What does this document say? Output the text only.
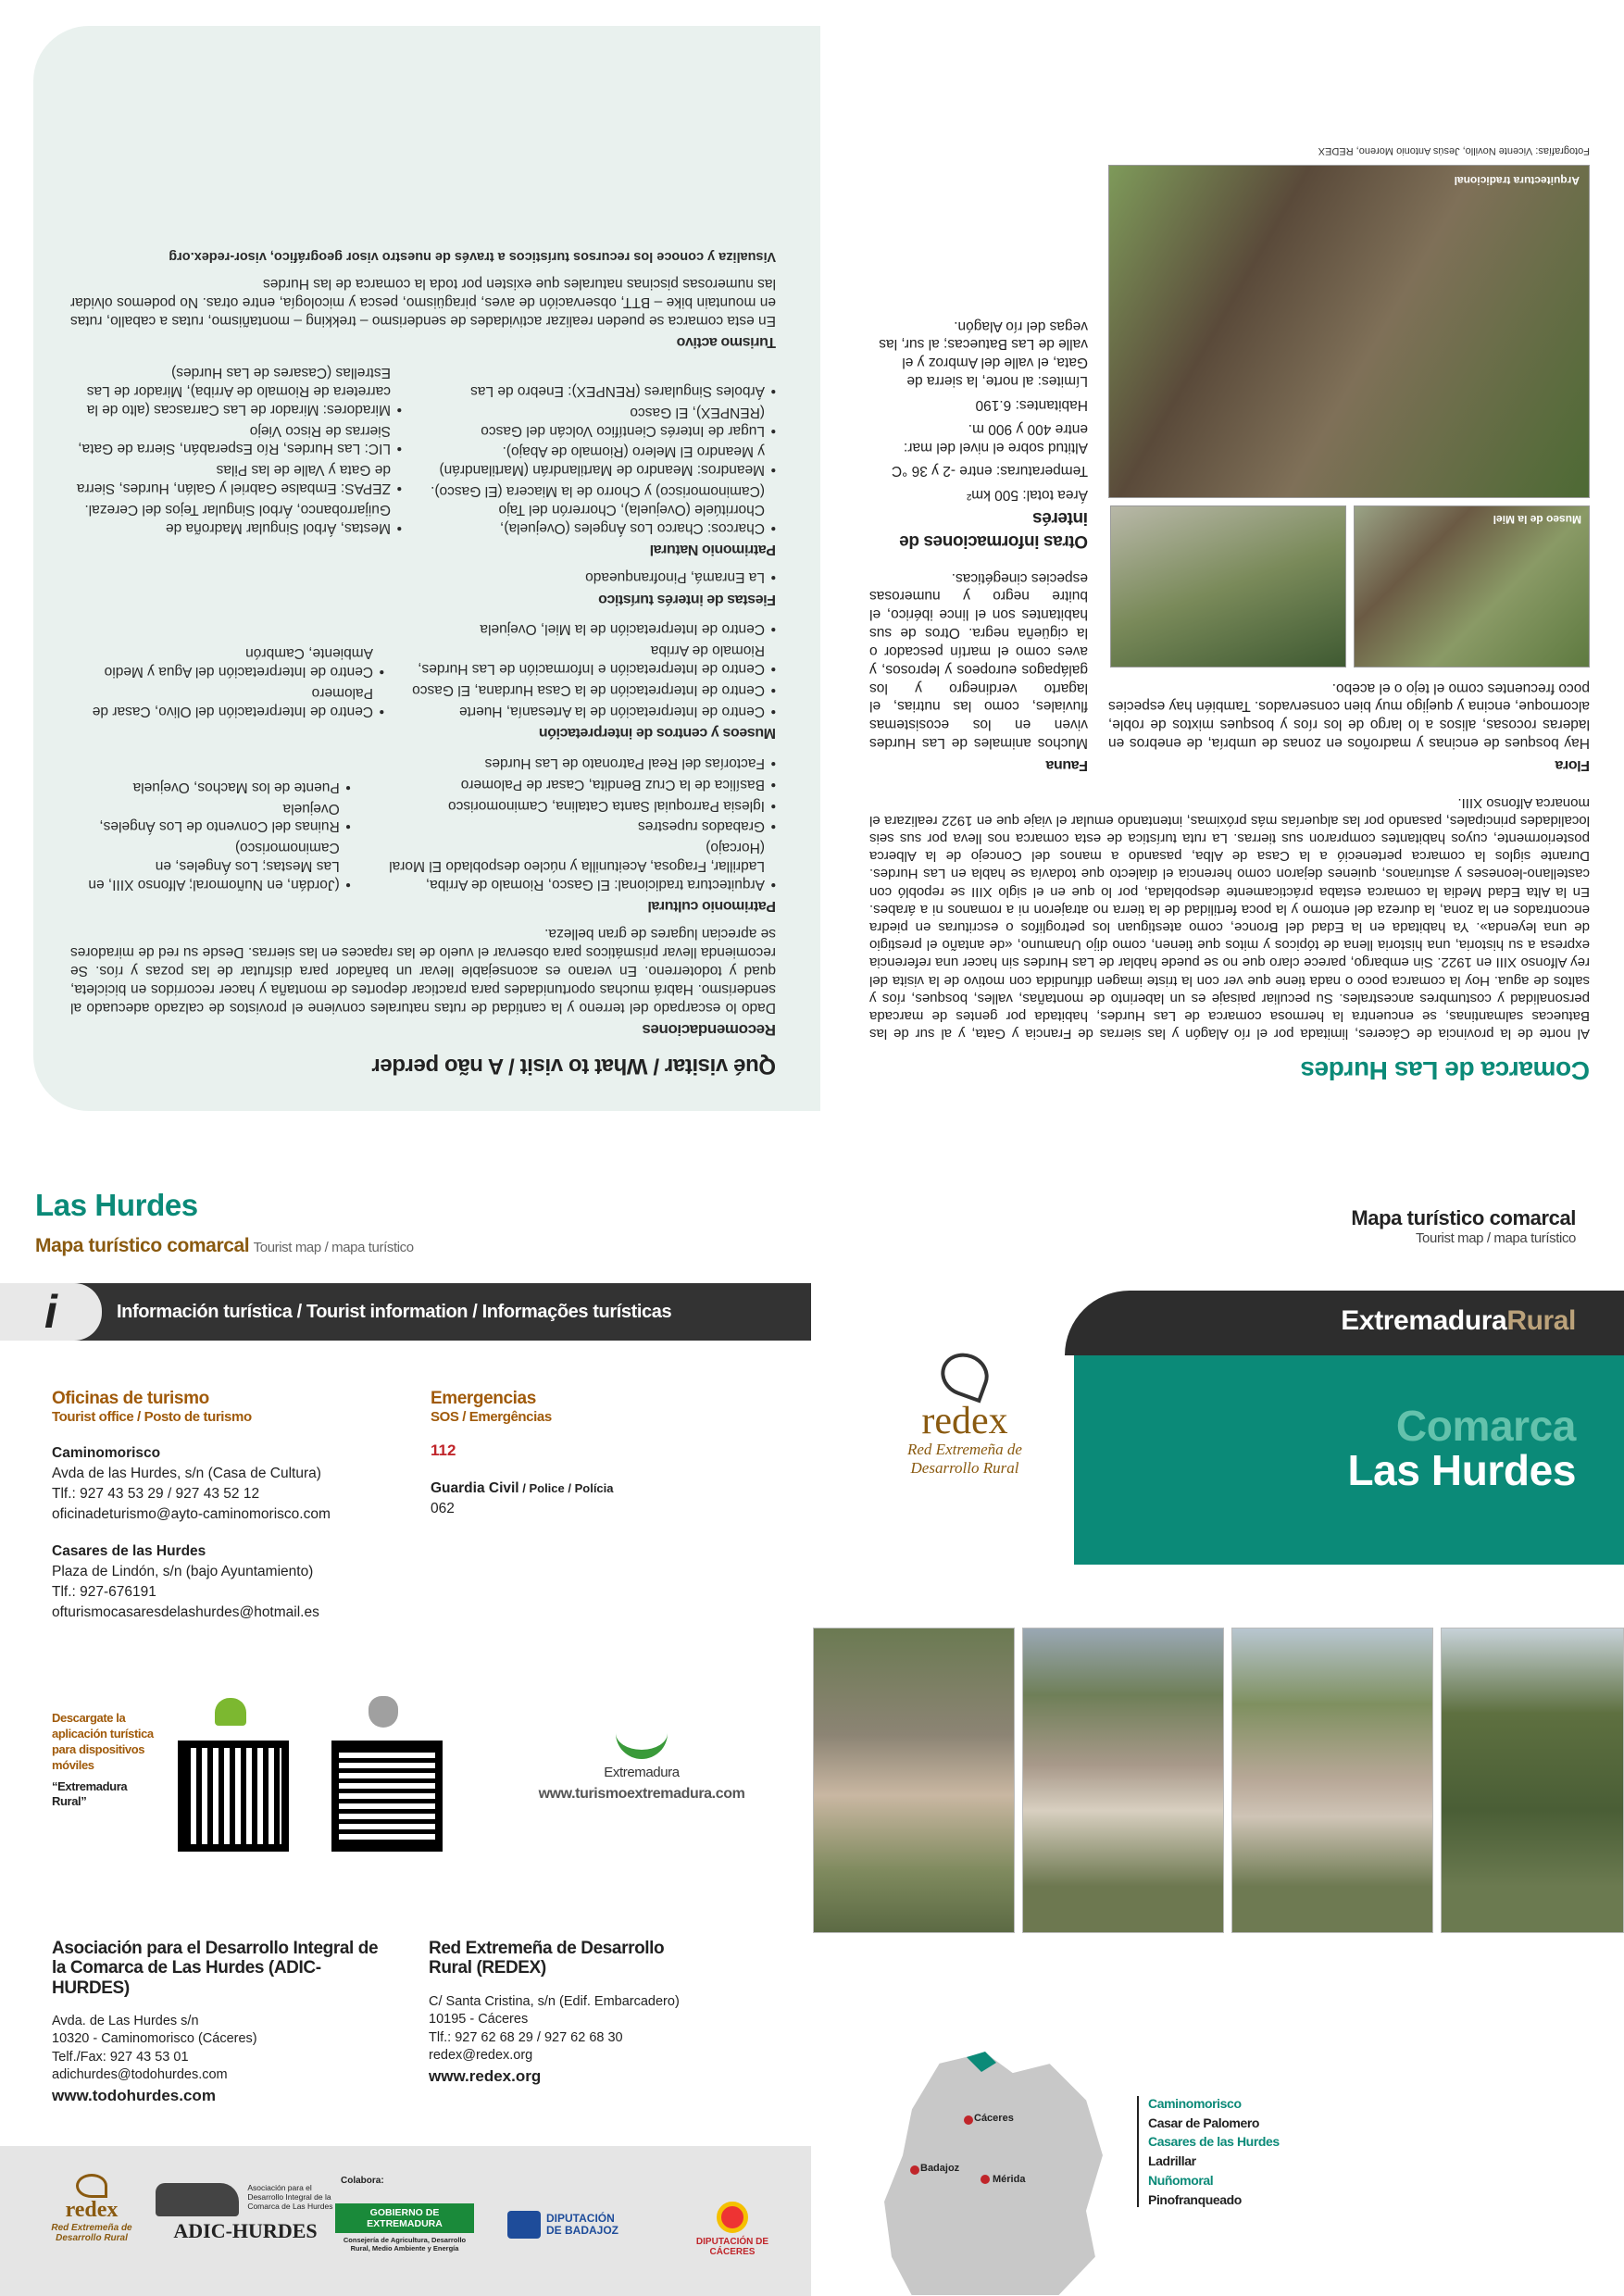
Qué visitar / What to visit / A não perder
Recomendaciones
Dado lo escarpado del terreno y la cantidad de rutas naturales conviene el provistos de calzado adecuado al senderismo. Habrá muchas oportunidades para practicar deportes de montaña y hacer recorridos en bicicleta, quad y todoterreno. En verano es aconsejable llevar un bañador para disfrutar de las pozas y ríos. Se recomienda llevar prismáticos para observar el vuelo de las rapaces en las sierras. Desde su red de miradores se aprecian lugares de gran belleza.
Patrimonio cultural
• Arquitectura tradicional: El Gasco, Riomalo de Arriba, Ladrillar, Fragosa, Aceitunilla y núcleo despoblado El Moral (Horcajo)
• Grabados rupestres
• Iglesia Parroquial Santa Catalina, Caminomorisco
• Basílica de la Cruz Bendita, Casar de Palomero
• Factorías del Real Patronato de Las Hurdes
• (Jordán, en Nuñomoral; Alfonso XIII, en Las Mestas; Los Ángeles, en Caminomorisco)
• Ruinas del Convento de Los Ángeles, Ovejuela
• Puente de los Machos, Ovejuela
Museos y centros de interpretación
• Centro de Interpretación de la Artesanía, Huerte
• Centro de Interpretación de la Casa Hurdana, El Gasco
• Centro de Interpretación e Información de Las Hurdes, Riomalo de Arriba
• Centro de Interpretación de la Miel, Ovejuela
• Centro de Interpretación del Olivo, Casar de Palomero
• Centro de Interpretación del Agua y Medio Ambiente, Cambrón
Fiestas de interés turístico
• La Enramá, Pinofranqueado
Patrimonio Natural
• Charcos: Charco Los Ángeles (Ovejuela), Chorritúele (Ovejuela), Chorrerón del Tajo (Caminomorisco) y Chorro de la Miacera (El Gasco).
• Meandros: Meandro de Martilandrán (Martilandrán) y Meandro El Melero (Riomalo de Abajo).
• Lugar de Interés Científico Volcán del Gasco (RENPEX), El Gasco
• Árboles Singulares (RENPEX): Enebro de Las
• Mestas, Árbol Singular Madroña de Guijarrobanco, Árbol Singular Tejos del Cerezal.
• ZEPAS: Embalse Gabriel y Galán, Hurdes, Sierra de Gata y Valle de las Pilas
• LIC: Las Hurdes, Río Esperabán, Sierra de Gata, Sierras de Risco Viejo
• Miradores: Mirador de Las Carrascas (alto de la carretera de Riomalo de Arriba), Mirador de Las Estrellas (Casares de Las Hurdes)
Turismo activo
En esta comarca se pueden realizar actividades de senderismo – trekking – montañismo, rutas a caballo, rutas en mountain bike – BTT, observación de aves, piragüismo, pesca y micología, entre otras. No podemos olvidar las numerosas piscinas naturales que existen por toda la comarca de las Hurdes
Visualiza y conoce los recursos turísticos a través de nuestro visor geográfico, visor-redex.org
Comarca de Las Hurdes
Al norte de la provincia de Cáceres, limitada por el río Alagón y las sierras de Francia y Gata, y al sur de las Batuecas salmantinas, se encuentra la hermosa comarca de Las Hurdes, habitada por gentes de marcada personalidad y costumbres ancestrales. Su peculiar paisaje es un laberinto de montañas, valles, bosques, ríos y saltos de agua. Hoy la comarca poco o nada tiene que ver con la triste imagen difundida con motivo de la visita del rey Alfonso XIII en 1922. Sin embargo, parece claro que no se puede hablar de Las Hurdes sin hacer una referencia expresa a su historia, una historia llena de tópicos y mitos que tienen, como dijo Unamuno, «de antaño el prestigio de una leyenda». Ya habitada en la Edad del Bronce, como atestiguan los petroglifos o escrituras en piedra encontrados en la zona, la dureza del entorno y la poca fertilidad de la tierra no atrajeron ni a romanos ni a árabes. En la Alta Edad Media la comarca estaba prácticamente despoblada, por lo que en el siglo XIII se repobló con castellano-leoneses y asturianos, quienes dejaron como herencia el dialecto que todavía se habla en Las Hurdes. Durante siglos la comarca perteneció a la Casa de Alba, pasando a manos del Concejo de la Alberca posteriormente, cuyos habitantes compraron sus tierras. La ruta turística de esta comarca nos lleva por sus seis localidades principales, pasando por las alquerías más próximas, intentando emular el viaje que en 1922 realizara el monarca Alfonso XIII.
Flora
Hay bosques de encinas y madroños en zonas de umbría, de enebros en laderas rocosas, alisos a lo largo de los ríos y bosques mixtos de roble, alcornoque, encina y quejigo muy bien conservados. También hay especies poco frecuentes como el tejo o el acebo.
Museo de la Miel
Arquitectura tradicional
Fauna
Muchos animales de Las Hurdes viven en los ecosistemas fluviales, como las nutrias, el lagarto verdinegro y los galápagos europeos y leprosos, y aves como el martín pescador o la cigüeña negra. Otros de sus habitantes son el lince ibérico, el buitre negro y numerosas especies cinegéticas.
Otras informaciones de interés
Área total: 500 km²
Temperaturas: entre -2 y 36 °C
Altitud sobre el nivel del mar: entre 400 y 900 m.
Habitantes: 6.190
Límites: al norte, la sierra de Gata, el valle del Ambroz y el valle de Las Batuecas; al sur, las vegas del río Alagón.
Fotografías: Vicente Novillo, Jesús Antonio Moreno, REDEX
Las Hurdes
Mapa turístico comarcal Tourist map / mapa turístico
i	Información turística / Tourist information / Informações turísticas
Oficinas de turismo
Tourist office / Posto de turismo
Caminomorisco
Avda de las Hurdes, s/n (Casa de Cultura)
Tlf.: 927 43 53 29 / 927 43 52 12
oficinadeturismo@ayto-caminomorisco.com
Casares de las Hurdes
Plaza de Lindón, s/n (bajo Ayuntamiento)
Tlf.: 927-676191
ofturismocasaresdelashurdes@hotmail.es
Emergencias
SOS / Emergências
112
Guardia Civil / Police / Polícia
062
Descargate la aplicación turística para dispositivos móviles
“Extremadura Rural”
Extremadura
www.turismoextremadura.com
Asociación para el Desarrollo Integral de la Comarca de Las Hurdes (ADIC-HURDES)
Avda. de Las Hurdes s/n
10320 - Caminomorisco (Cáceres)
Telf./Fax: 927 43 53 01
adichurdes@todohurdes.com
www.todohurdes.com
Red Extremeña de Desarrollo Rural (REDEX)
C/ Santa Cristina, s/n (Edif. Embarcadero)
10195 - Cáceres
Tlf.: 927 62 68 29 / 927 62 68 30
redex@redex.org
www.redex.org
redex
Red Extremeña de Desarrollo Rural
Asociación para el Desarrollo Integral de la Comarca de Las Hurdes
ADIC-HURDES
Colabora:
GOBIERNO DE EXTREMADURA
Consejería de Agricultura, Desarrollo Rural, Medio Ambiente y Energía
DIPUTACIÓN DE BADAJOZ
DIPUTACIÓN DE CÁCERES
Mapa turístico comarcal
Tourist map / mapa turístico
ExtremaduraRural
redex
Red Extremeña de
Desarrollo Rural
Comarca
Las Hurdes
Cáceres
Badajoz
Mérida
Caminomorisco
Casar de Palomero
Casares de las Hurdes
Ladrillar
Nuñomoral
Pinofranqueado
